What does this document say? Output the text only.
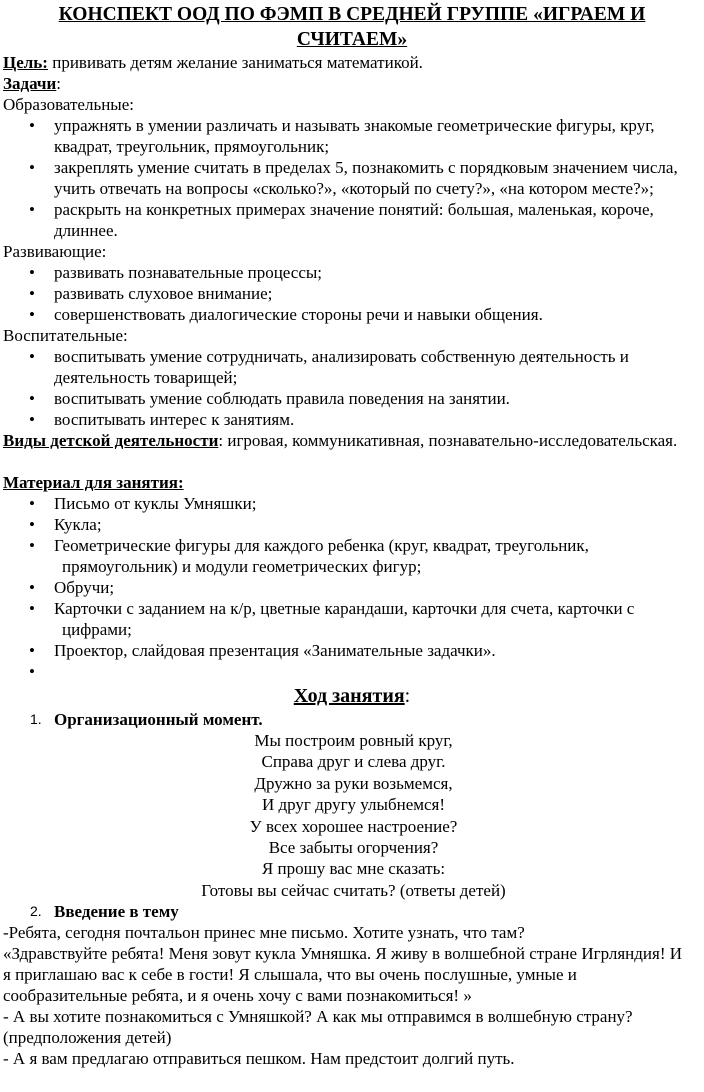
КОНСПЕКТ ООД ПО ФЭМП В СРЕДНЕЙ ГРУППЕ «ИГРАЕМ И
СЧИТАЕМ»
Цель: прививать детям желание заниматься математикой.
Задачи:
Образовательные:
• упражнять в умении различать и называть знакомые геометрические фигуры, круг, квадрат, треугольник, прямоугольник;
• закреплять умение считать в пределах 5, познакомить с порядковым значением числа, учить отвечать на вопросы «сколько?», «который по счету?», «на котором месте?»;
• раскрыть на конкретных примерах значение понятий: большая, маленькая, короче, длиннее.
Развивающие:
• развивать познавательные процессы;
• развивать слуховое внимание;
• совершенствовать диалогические стороны речи и навыки общения.
Воспитательные:
• воспитывать умение сотрудничать, анализировать собственную деятельность и деятельность товарищей;
• воспитывать умение соблюдать правила поведения на занятии.
• воспитывать интерес к занятиям.
Виды детской деятельности: игровая, коммуникативная, познавательно-исследовательская.
Материал для занятия:
• Письмо от куклы Умняшки;
• Кукла;
• Геометрические фигуры для каждого ребенка (круг, квадрат, треугольник,
прямоугольник) и модули геометрических фигур;
• Обручи;
• Карточки с заданием на к/р, цветные карандаши, карточки для счета, карточки с
цифрами;
• Проектор, слайдовая презентация «Занимательные задачки».
•
Ход занятия:
1. Организационный момент.
Мы построим ровный круг,
Справа друг и слева друг.
Дружно за руки возьмемся,
И друг другу улыбнемся!
У всех хорошее настроение?
Все забыты огорчения?
Я прошу вас мне сказать:
Готовы вы сейчас считать? (ответы детей)
2. Введение в тему
-Ребята, сегодня почтальон принес мне письмо. Хотите узнать, что там?
«Здравствуйте ребята! Меня зовут кукла Умняшка. Я живу в волшебной стране Игрляндия! И я приглашаю вас к себе в гости! Я слышала, что вы очень послушные, умные и сообразительные ребята, и я очень хочу с вами познакомиться! »
- А вы хотите познакомиться с Умняшкой? А как мы отправимся в волшебную страну? (предположения детей)
- А я вам предлагаю отправиться пешком. Нам предстоит долгий путь.
